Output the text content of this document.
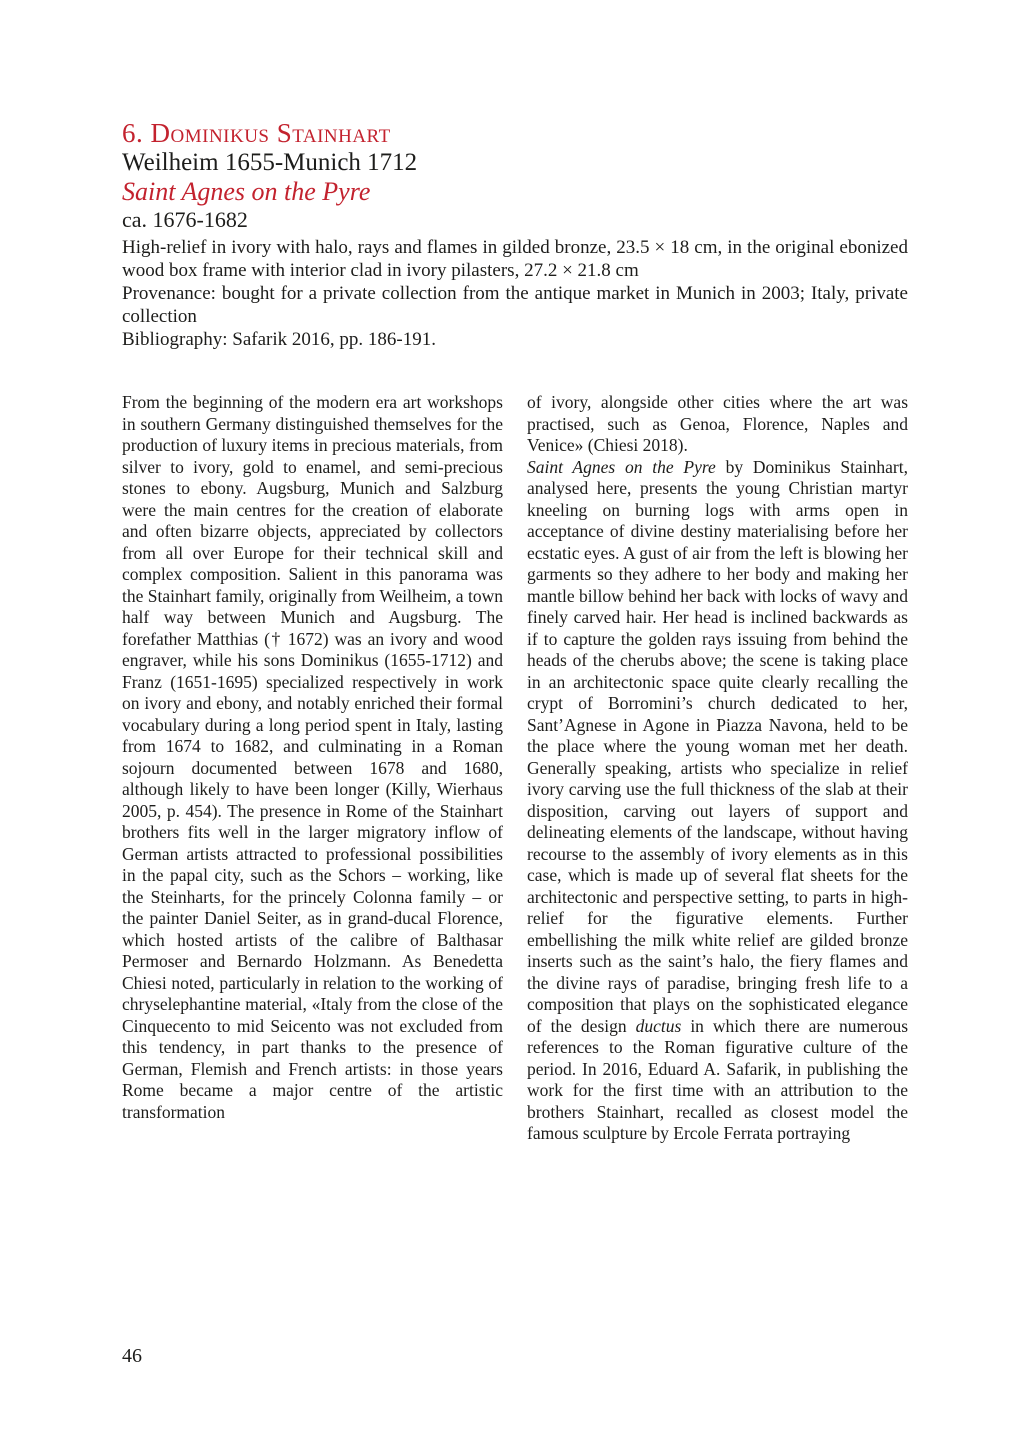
6. Dominikus Stainhart

Weilheim 1655-Munich 1712

Saint Agnes on the Pyre

ca. 1676-1682

High-relief in ivory with halo, rays and flames in gilded bronze, 23.5 × 18 cm, in the original ebonized wood box frame with interior clad in ivory pilasters, 27.2 × 21.8 cm

Provenance: bought for a private collection from the antique market in Munich in 2003; Italy, private collection

Bibliography: Safarik 2016, pp. 186-191.

From the beginning of the modern era art workshops in southern Germany distinguished themselves for the production of luxury items in precious materials, from silver to ivory, gold to enamel, and semi-precious stones to ebony. Augsburg, Munich and Salzburg were the main centres for the creation of elaborate and often bizarre objects, appreciated by collectors from all over Europe for their technical skill and complex composition. Salient in this panorama was the Stainhart family, originally from Weilheim, a town half way between Munich and Augsburg. The forefather Matthias († 1672) was an ivory and wood engraver, while his sons Dominikus (1655-1712) and Franz (1651-1695) specialized respectively in work on ivory and ebony, and notably enriched their formal vocabulary during a long period spent in Italy, lasting from 1674 to 1682, and culminating in a Roman sojourn documented between 1678 and 1680, although likely to have been longer (Killy, Wierhaus 2005, p. 454). The presence in Rome of the Stainhart brothers fits well in the larger migratory inflow of German artists attracted to professional possibilities in the papal city, such as the Schors – working, like the Steinharts, for the princely Colonna family – or the painter Daniel Seiter, as in grand-ducal Florence, which hosted artists of the calibre of Balthasar Permoser and Bernardo Holzmann. As Benedetta Chiesi noted, particularly in relation to the working of chryselephantine material, «Italy from the close of the Cinquecento to mid Seicento was not excluded from this tendency, in part thanks to the presence of German, Flemish and French artists: in those years Rome became a major centre of the artistic transformation

of ivory, alongside other cities where the art was practised, such as Genoa, Florence, Naples and Venice» (Chiesi 2018).

Saint Agnes on the Pyre by Dominikus Stainhart, analysed here, presents the young Christian martyr kneeling on burning logs with arms open in acceptance of divine destiny materialising before her ecstatic eyes. A gust of air from the left is blowing her garments so they adhere to her body and making her mantle billow behind her back with locks of wavy and finely carved hair. Her head is inclined backwards as if to capture the golden rays issuing from behind the heads of the cherubs above; the scene is taking place in an architectonic space quite clearly recalling the crypt of Borromini’s church dedicated to her, Sant’Agnese in Agone in Piazza Navona, held to be the place where the young woman met her death. Generally speaking, artists who specialize in relief ivory carving use the full thickness of the slab at their disposition, carving out layers of support and delineating elements of the landscape, without having recourse to the assembly of ivory elements as in this case, which is made up of several flat sheets for the architectonic and perspective setting, to parts in high-relief for the figurative elements. Further embellishing the milk white relief are gilded bronze inserts such as the saint’s halo, the fiery flames and the divine rays of paradise, bringing fresh life to a composition that plays on the sophisticated elegance of the design ductus in which there are numerous references to the Roman figurative culture of the period. In 2016, Eduard A. Safarik, in publishing the work for the first time with an attribution to the brothers Stainhart, recalled as closest model the famous sculpture by Ercole Ferrata portraying

46
